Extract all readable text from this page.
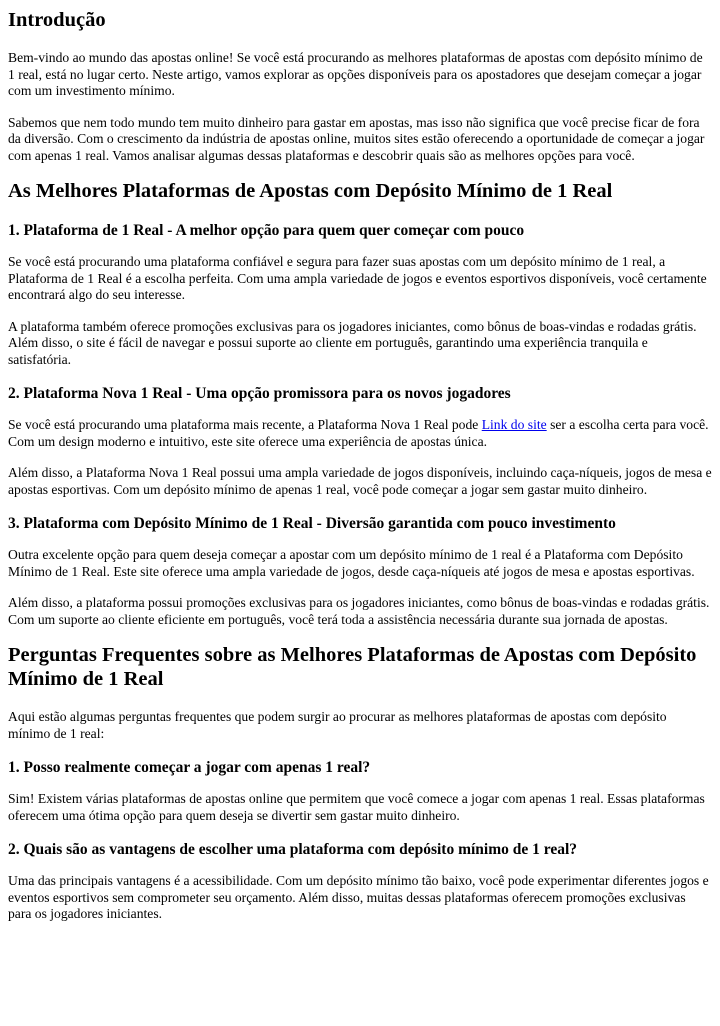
Introdução

Bem-vindo ao mundo das apostas online! Se você está procurando as melhores plataformas de apostas com depósito mínimo de 1 real, está no lugar certo. Neste artigo, vamos explorar as opções disponíveis para os apostadores que desejam começar a jogar com um investimento mínimo.

Sabemos que nem todo mundo tem muito dinheiro para gastar em apostas, mas isso não significa que você precise ficar de fora da diversão. Com o crescimento da indústria de apostas online, muitos sites estão oferecendo a oportunidade de começar a jogar com apenas 1 real. Vamos analisar algumas dessas plataformas e descobrir quais são as melhores opções para você.

As Melhores Plataformas de Apostas com Depósito Mínimo de 1 Real
1. Plataforma de 1 Real - A melhor opção para quem quer começar com pouco

Se você está procurando uma plataforma confiável e segura para fazer suas apostas com um depósito mínimo de 1 real, a Plataforma de 1 Real é a escolha perfeita. Com uma ampla variedade de jogos e eventos esportivos disponíveis, você certamente encontrará algo do seu interesse.

A plataforma também oferece promoções exclusivas para os jogadores iniciantes, como bônus de boas-vindas e rodadas grátis. Além disso, o site é fácil de navegar e possui suporte ao cliente em português, garantindo uma experiência tranquila e satisfatória.

2. Plataforma Nova 1 Real - Uma opção promissora para os novos jogadores

Se você está procurando uma plataforma mais recente, a Plataforma Nova 1 Real pode Link do site ser a escolha certa para você. Com um design moderno e intuitivo, este site oferece uma experiência de apostas única.

Além disso, a Plataforma Nova 1 Real possui uma ampla variedade de jogos disponíveis, incluindo caça-níqueis, jogos de mesa e apostas esportivas. Com um depósito mínimo de apenas 1 real, você pode começar a jogar sem gastar muito dinheiro.

3. Plataforma com Depósito Mínimo de 1 Real - Diversão garantida com pouco investimento

Outra excelente opção para quem deseja começar a apostar com um depósito mínimo de 1 real é a Plataforma com Depósito Mínimo de 1 Real. Este site oferece uma ampla variedade de jogos, desde caça-níqueis até jogos de mesa e apostas esportivas.

Além disso, a plataforma possui promoções exclusivas para os jogadores iniciantes, como bônus de boas-vindas e rodadas grátis. Com um suporte ao cliente eficiente em português, você terá toda a assistência necessária durante sua jornada de apostas.

Perguntas Frequentes sobre as Melhores Plataformas de Apostas com Depósito Mínimo de 1 Real

Aqui estão algumas perguntas frequentes que podem surgir ao procurar as melhores plataformas de apostas com depósito mínimo de 1 real:

1. Posso realmente começar a jogar com apenas 1 real?

Sim! Existem várias plataformas de apostas online que permitem que você comece a jogar com apenas 1 real. Essas plataformas oferecem uma ótima opção para quem deseja se divertir sem gastar muito dinheiro.

2. Quais são as vantagens de escolher uma plataforma com depósito mínimo de 1 real?

Uma das principais vantagens é a acessibilidade. Com um depósito mínimo tão baixo, você pode experimentar diferentes jogos e eventos esportivos sem comprometer seu orçamento. Além disso, muitas dessas plataformas oferecem promoções exclusivas para os jogadores iniciantes.
